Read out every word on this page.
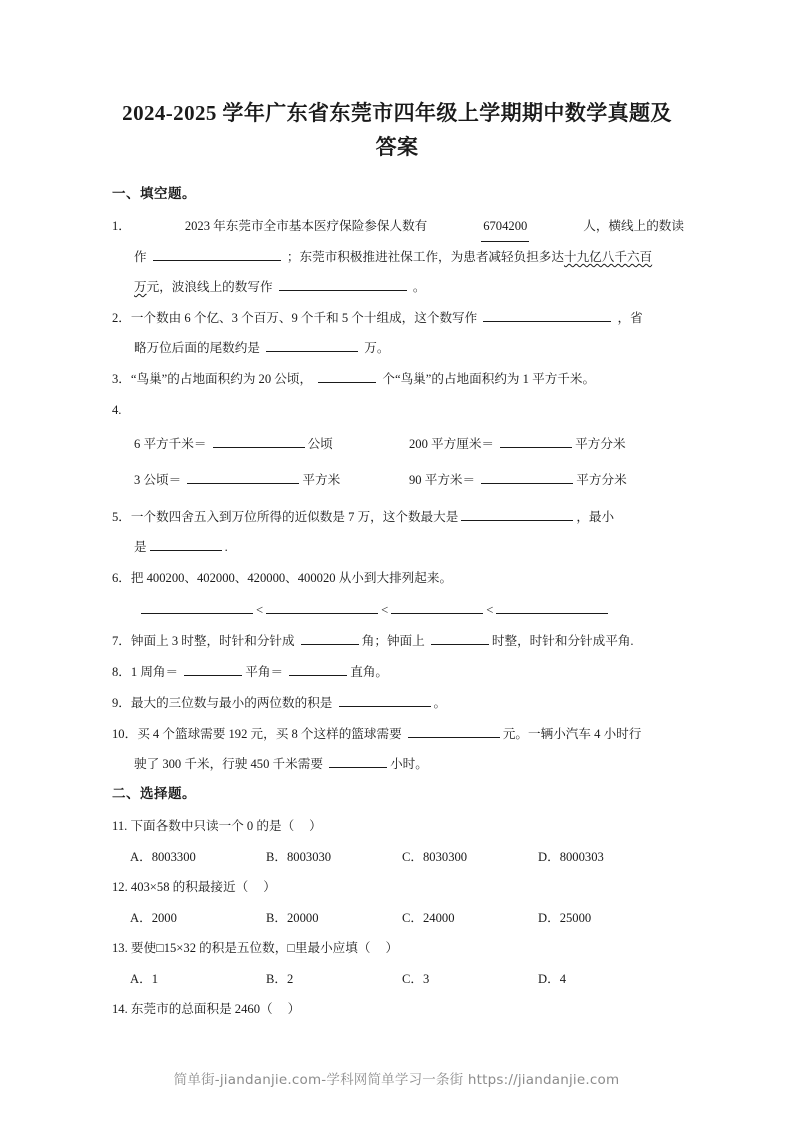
2024-2025 学年广东省东莞市四年级上学期期中数学真题及答案
一、填空题。
1．	2023 年东莞市全市基本医疗保险参保人数有	6704200	人，横线上的数读
作	；东莞市积极推进社保工作，为患者减轻负担多达十九亿八千六百
万元，波浪线上的数写作	。
2．一个数由 6 个亿、3 个百万、9 个千和 5 个十组成，这个数写作	，省
略万位后面的尾数约是	万。
3．“鸟巢”的占地面积约为 20 公顷，	个“鸟巢”的占地面积约为 1 平方千米。
4.
6 平方千米＝	公顷	200 平方厘米＝	平方分米
3 公顷＝	平方米	90 平方米＝	平方分米
5．一个数四舍五入到万位所得的近似数是 7 万，这个数最大是	，最小
是	.
6．把 400200、402000、420000、400020 从小到大排列起来。
<	<	<
7．钟面上 3 时整，时针和分针成	角；钟面上	时整，时针和分针成平角.
8．1 周角＝	平角＝	直角。
9．最大的三位数与最小的两位数的积是	。
10．买 4 个篮球需要 192 元，买 8 个这样的篮球需要	元。一辆小汽车 4 小时行
驶了 300 千米，行驶 450 千米需要	小时。
二、选择题。
11. 下面各数中只读一个 0 的是（ ）
A．8003300	B．8003030	C．8030300	D．8000303
12. 403×58 的积最接近（ ）
A．2000	B．20000	C．24000	D．25000
13. 要使□15×32 的积是五位数，□里最小应填（ ）
A．1	B．2	C．3	D．4
14. 东莞市的总面积是 2460（ ）
简单街-jiandanjie.com-学科网简单学习一条街 https://jiandanjie.com
